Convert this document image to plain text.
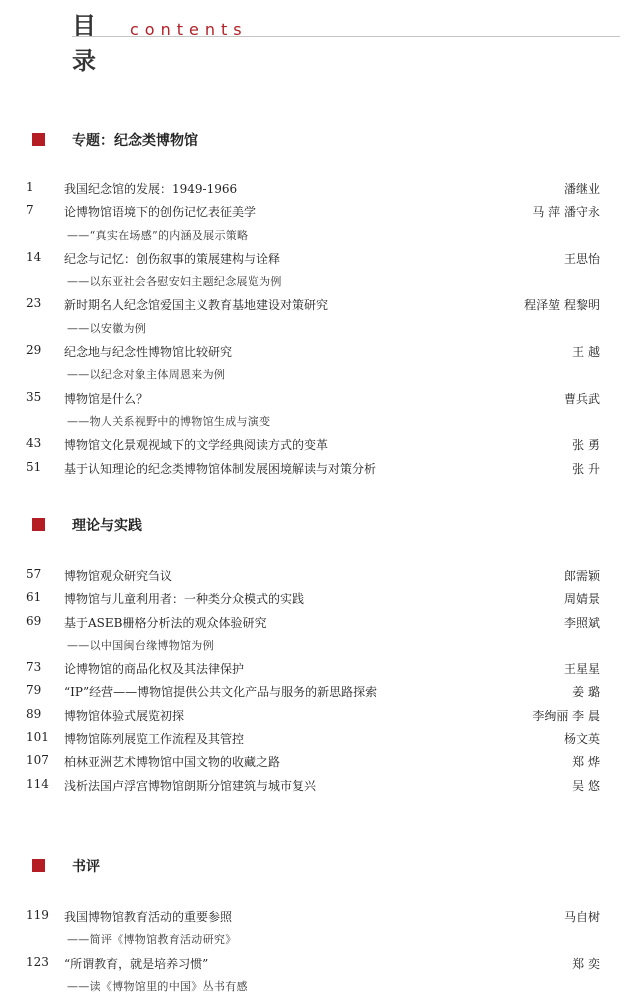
目录
contents
专题：纪念类博物馆
1	我国纪念馆的发展：1949-1966	潘继业
7	论博物馆语境下的创伤记忆表征美学	马 萍 潘守永
——“真实在场感”的内涵及展示策略
14 纪念与记忆：创伤叙事的策展建构与诠释	王思怡
——以东亚社会各慰安妇主题纪念展览为例
23 新时期名人纪念馆爱国主义教育基地建设对策研究	程泽堃 程黎明
——以安徽为例
29 纪念地与纪念性博物馆比较研究	王 越
——以纪念对象主体周恩来为例
35 博物馆是什么？	曹兵武
——物人关系视野中的博物馆生成与演变
43 博物馆文化景观视域下的文学经典阅读方式的变革	张 勇
51 基于认知理论的纪念类博物馆体制发展困境解读与对策分析	张 升
理论与实践
57 博物馆观众研究刍议	郎需颖
61 博物馆与儿童利用者：一种类分众模式的实践	周婧景
69 基于ASEB栅格分析法的观众体验研究	李照斌
——以中国闽台缘博物馆为例
73 论博物馆的商品化权及其法律保护	王星星
79 “IP”经营——博物馆提供公共文化产品与服务的新思路探索	姜 璐
89 博物馆体验式展览初探	李绚丽 李 晨
101 博物馆陈列展览工作流程及其管控	杨文英
107 柏林亚洲艺术博物馆中国文物的收藏之路	郑 烨
114 浅析法国卢浮宫博物馆朗斯分馆建筑与城市复兴	吴 悠
书评
119 我国博物馆教育活动的重要参照	马自树
——简评《博物馆教育活动研究》
123 “所谓教育，就是培养习惯”	郑 奕
——读《博物馆里的中国》丛书有感
